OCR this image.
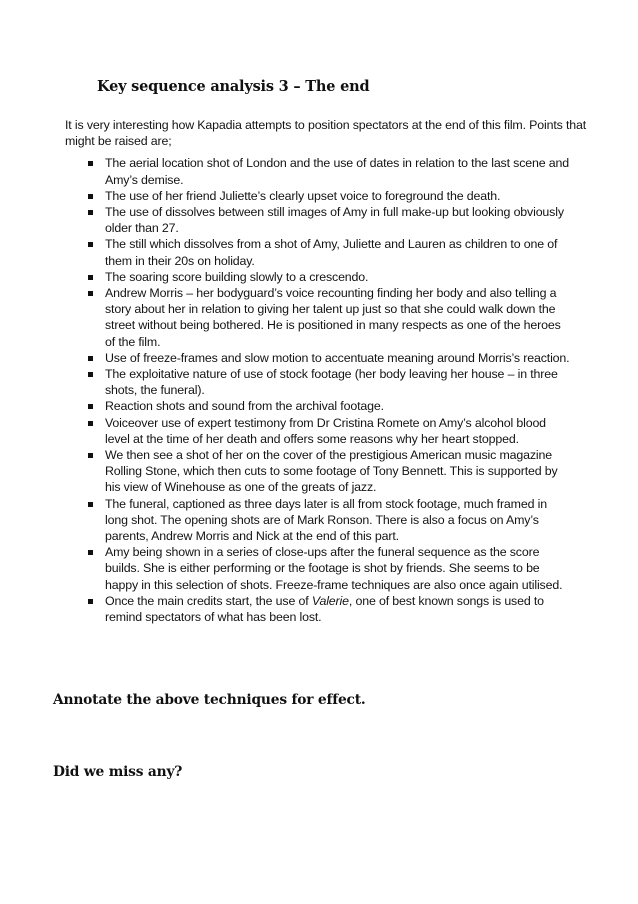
Key sequence analysis 3 – The end

It is very interesting how Kapadia attempts to position spectators at the end of this film. Points that might be raised are;

The aerial location shot of London and the use of dates in relation to the last scene and Amy’s demise.
The use of her friend Juliette’s clearly upset voice to foreground the death.
The use of dissolves between still images of Amy in full make-up but looking obviously older than 27.
The still which dissolves from a shot of Amy, Juliette and Lauren as children to one of them in their 20s on holiday.
The soaring score building slowly to a crescendo.
Andrew Morris – her bodyguard’s voice recounting finding her body and also telling a story about her in relation to giving her talent up just so that she could walk down the street without being bothered. He is positioned in many respects as one of the heroes of the film.
Use of freeze-frames and slow motion to accentuate meaning around Morris’s reaction.
The exploitative nature of use of stock footage (her body leaving her house – in three shots, the funeral).
Reaction shots and sound from the archival footage.
Voiceover use of expert testimony from Dr Cristina Romete on Amy’s alcohol blood level at the time of her death and offers some reasons why her heart stopped.
We then see a shot of her on the cover of the prestigious American music magazine Rolling Stone, which then cuts to some footage of Tony Bennett. This is supported by his view of Winehouse as one of the greats of jazz.
The funeral, captioned as three days later is all from stock footage, much framed in long shot. The opening shots are of Mark Ronson. There is also a focus on Amy’s parents, Andrew Morris and Nick at the end of this part.
Amy being shown in a series of close-ups after the funeral sequence as the score builds. She is either performing or the footage is shot by friends. She seems to be happy in this selection of shots. Freeze-frame techniques are also once again utilised.
Once the main credits start, the use of Valerie, one of best known songs is used to remind spectators of what has been lost.

Annotate the above techniques for effect.

Did we miss any?
